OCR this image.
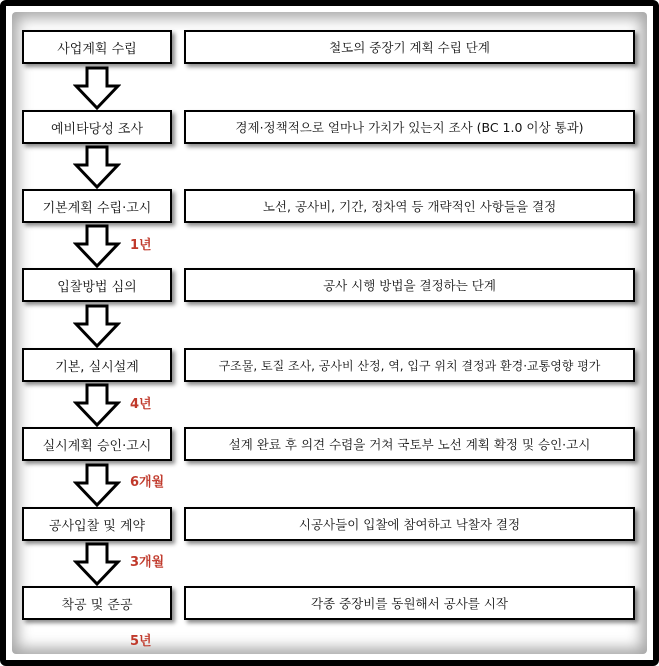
사업계획 수립	철도의 중장기 계획 수립 단계
예비타당성 조사	경제·정책적으로 얼마나 가치가 있는지 조사 (BC 1.0 이상 통과)
기본계획 수립·고시	노선, 공사비, 기간, 정차역 등 개략적인 사항들을 결정
입찰방법 심의	공사 시행 방법을 결정하는 단계
기본, 실시설계	구조물, 토질 조사, 공사비 산정, 역, 입구 위치 결정과 환경·교통영향 평가
실시계획 승인·고시	설계 완료 후 의견 수렴을 거쳐 국토부 노선 계획 확정 및 승인·고시
공사입찰 및 계약	시공사들이 입찰에 참여하고 낙찰자 결정
착공 및 준공	각종 중장비를 동원해서 공사를 시작
1년
4년
6개월
3개월
5년
